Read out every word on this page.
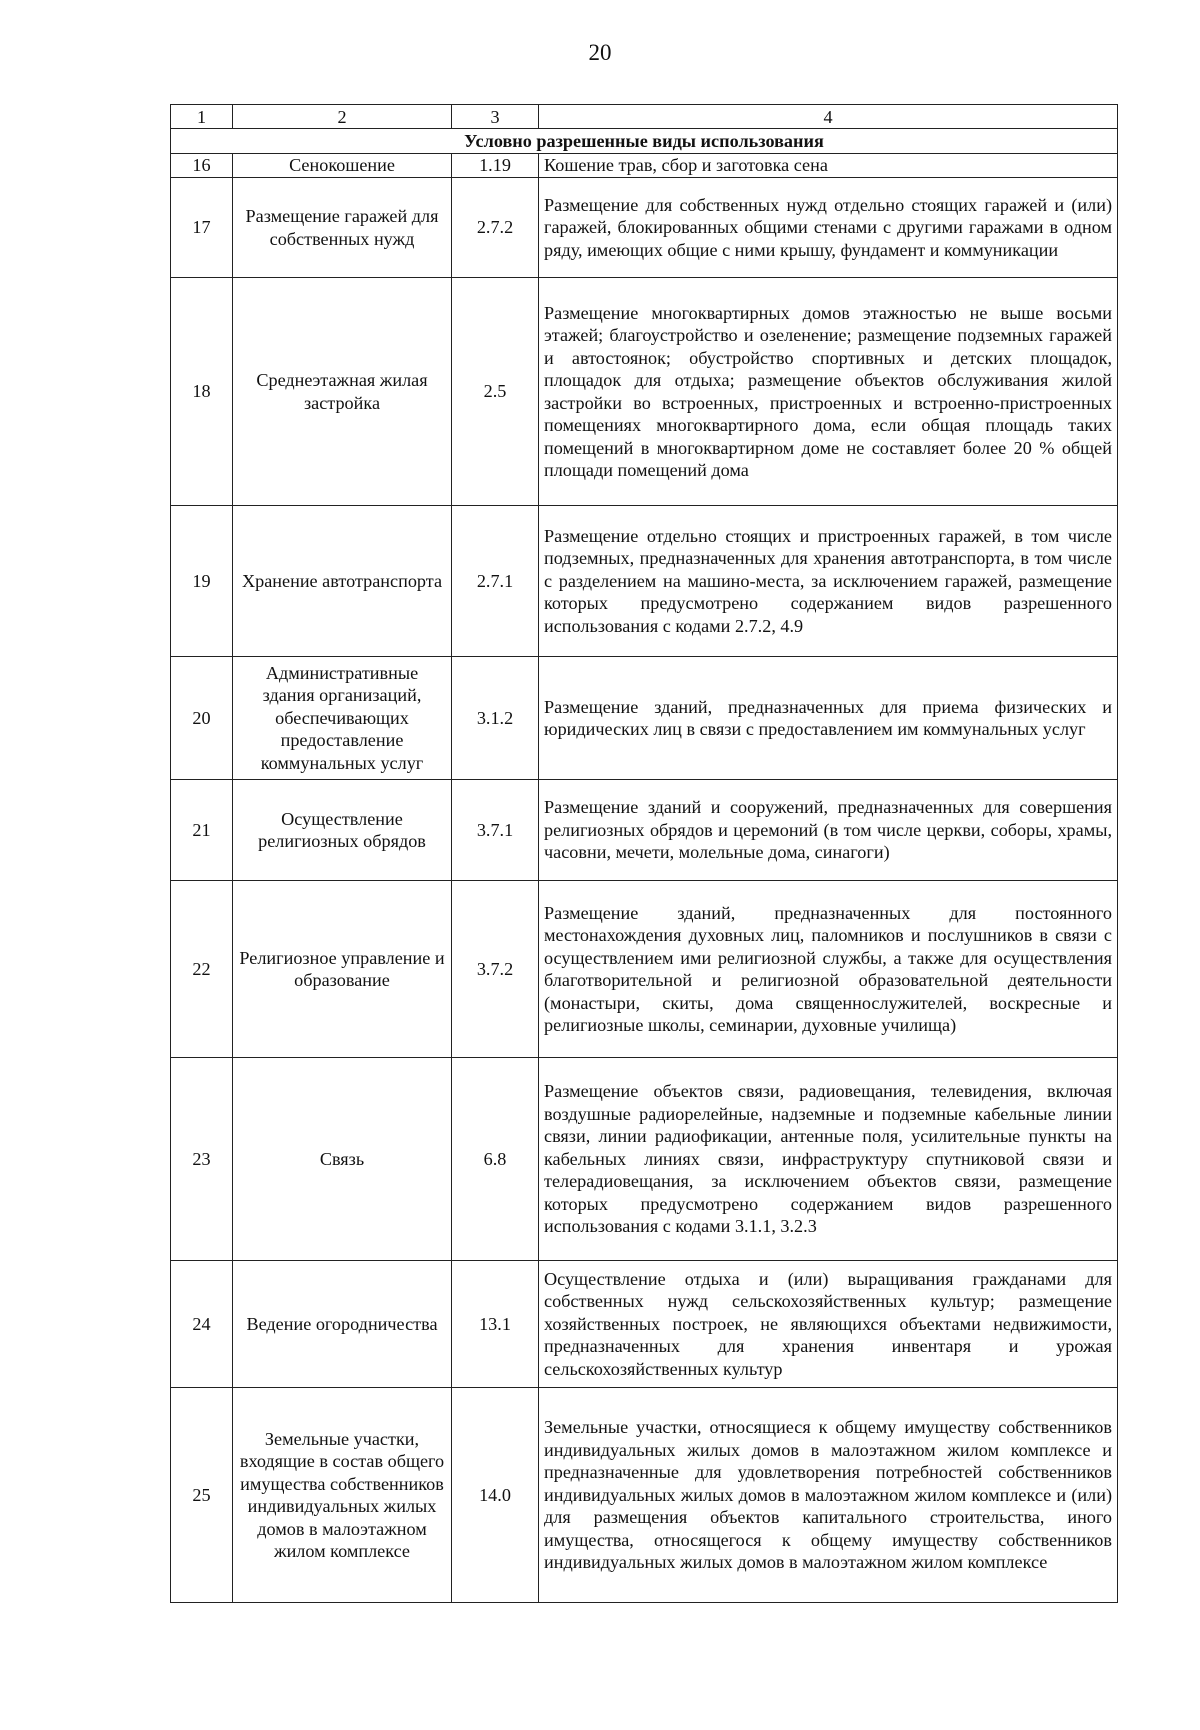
20
1	2	3	4
Условно разрешенные виды использования			
16	Сенокошение	1.19	Кошение трав, сбор и заготовка сена
17	Размещение гаражей для собственных нужд	2.7.2	Размещение для собственных нужд отдельно стоящих гаражей и (или) гаражей, блокированных общими стенами с другими гаражами в одном ряду, имеющих общие с ними крышу, фундамент и коммуникации
18	Среднеэтажная жилая застройка	2.5	Размещение многоквартирных домов этажностью не выше восьми этажей; благоустройство и озеленение; размещение подземных гаражей и автостоянок; обустройство спортивных и детских площадок, площадок для отдыха; размещение объектов обслуживания жилой застройки во встроенных, пристроенных и встроенно-пристроенных помещениях многоквартирного дома, если общая площадь таких помещений в многоквартирном доме не составляет более 20 % общей площади помещений дома
19	Хранение автотранспорта	2.7.1	Размещение отдельно стоящих и пристроенных гаражей, в том числе подземных, предназначенных для хранения автотранспорта, в том числе с разделением на машино-места, за исключением гаражей, размещение которых предусмотрено содержанием видов разрешенного использования с кодами 2.7.2, 4.9
20	Административные здания организаций, обеспечивающих предоставление коммунальных услуг	3.1.2	Размещение зданий, предназначенных для приема физических и юридических лиц в связи с предоставлением им коммунальных услуг
21	Осуществление религиозных обрядов	3.7.1	Размещение зданий и сооружений, предназначенных для совершения религиозных обрядов и церемоний (в том числе церкви, соборы, храмы, часовни, мечети, молельные дома, синагоги)
22	Религиозное управление и образование	3.7.2	Размещение зданий, предназначенных для постоянного местонахождения духовных лиц, паломников и послушников в связи с осуществлением ими религиозной службы, а также для осуществления благотворительной и религиозной образовательной деятельности (монастыри, скиты, дома священнослужителей, воскресные и религиозные школы, семинарии, духовные училища)
23	Связь	6.8	Размещение объектов связи, радиовещания, телевидения, включая воздушные радиорелейные, надземные и подземные кабельные линии связи, линии радиофикации, антенные поля, усилительные пункты на кабельных линиях связи, инфраструктуру спутниковой связи и телерадиовещания, за исключением объектов связи, размещение которых предусмотрено содержанием видов разрешенного использования с кодами 3.1.1, 3.2.3
24	Ведение огородничества	13.1	Осуществление отдыха и (или) выращивания гражданами для собственных нужд сельскохозяйственных культур; размещение хозяйственных построек, не являющихся объектами недвижимости, предназначенных для хранения инвентаря и урожая сельскохозяйственных культур
25	Земельные участки, входящие в состав общего имущества собственников индивидуальных жилых домов в малоэтажном жилом комплексе	14.0	Земельные участки, относящиеся к общему имуществу собственников индивидуальных жилых домов в малоэтажном жилом комплексе и предназначенные для удовлетворения потребностей собственников индивидуальных жилых домов в малоэтажном жилом комплексе и (или) для размещения объектов капитального строительства, иного имущества, относящегося к общему имуществу собственников индивидуальных жилых домов в малоэтажном жилом комплексе
